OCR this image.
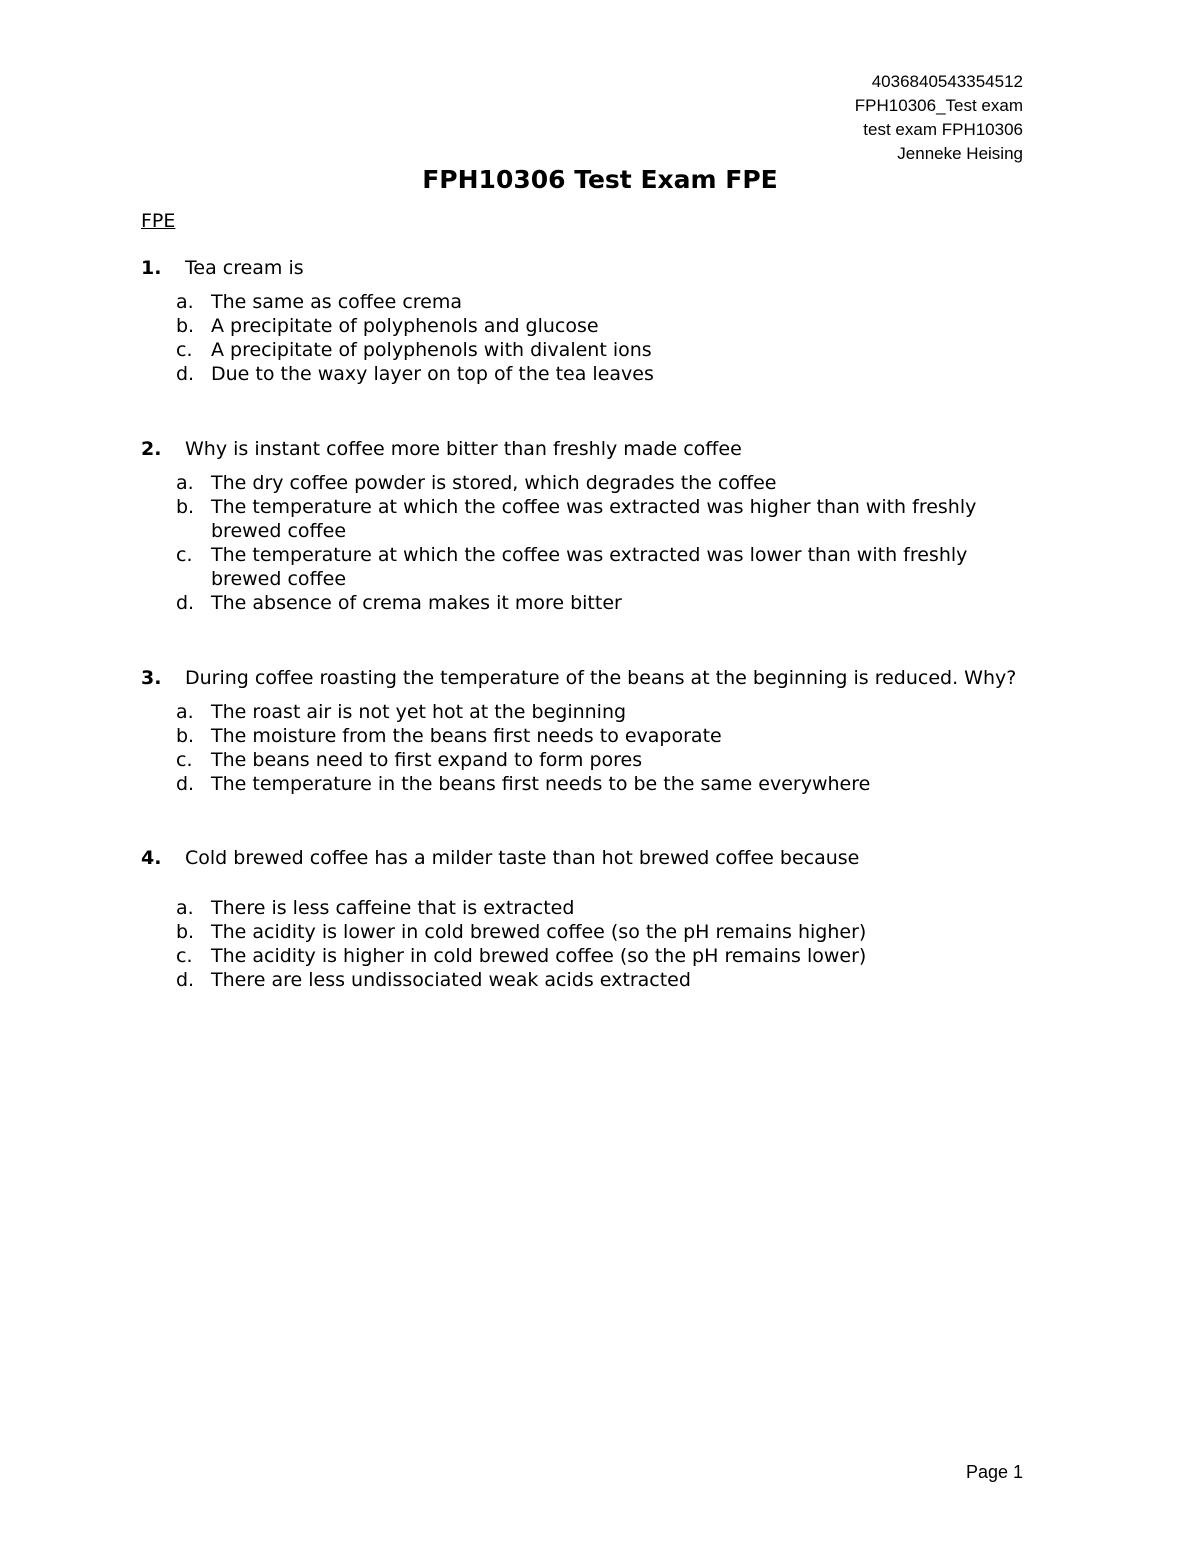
4036840543354512
FPH10306_Test exam
test exam FPH10306
Jenneke Heising
FPH10306 Test Exam FPE
FPE
1. Tea cream is
a. The same as coffee crema
b. A precipitate of polyphenols and glucose
c. A precipitate of polyphenols with divalent ions
d. Due to the waxy layer on top of the tea leaves
2. Why is instant coffee more bitter than freshly made coffee
a. The dry coffee powder is stored, which degrades the coffee
b. The temperature at which the coffee was extracted was higher than with freshly brewed coffee
c. The temperature at which the coffee was extracted was lower than with freshly brewed coffee
d. The absence of crema makes it more bitter
3. During coffee roasting the temperature of the beans at the beginning is reduced. Why?
a. The roast air is not yet hot at the beginning
b. The moisture from the beans first needs to evaporate
c. The beans need to first expand to form pores
d. The temperature in the beans first needs to be the same everywhere
4. Cold brewed coffee has a milder taste than hot brewed coffee because
a. There is less caffeine that is extracted
b. The acidity is lower in cold brewed coffee (so the pH remains higher)
c. The acidity is higher in cold brewed coffee (so the pH remains lower)
d. There are less undissociated weak acids extracted
Page 1
